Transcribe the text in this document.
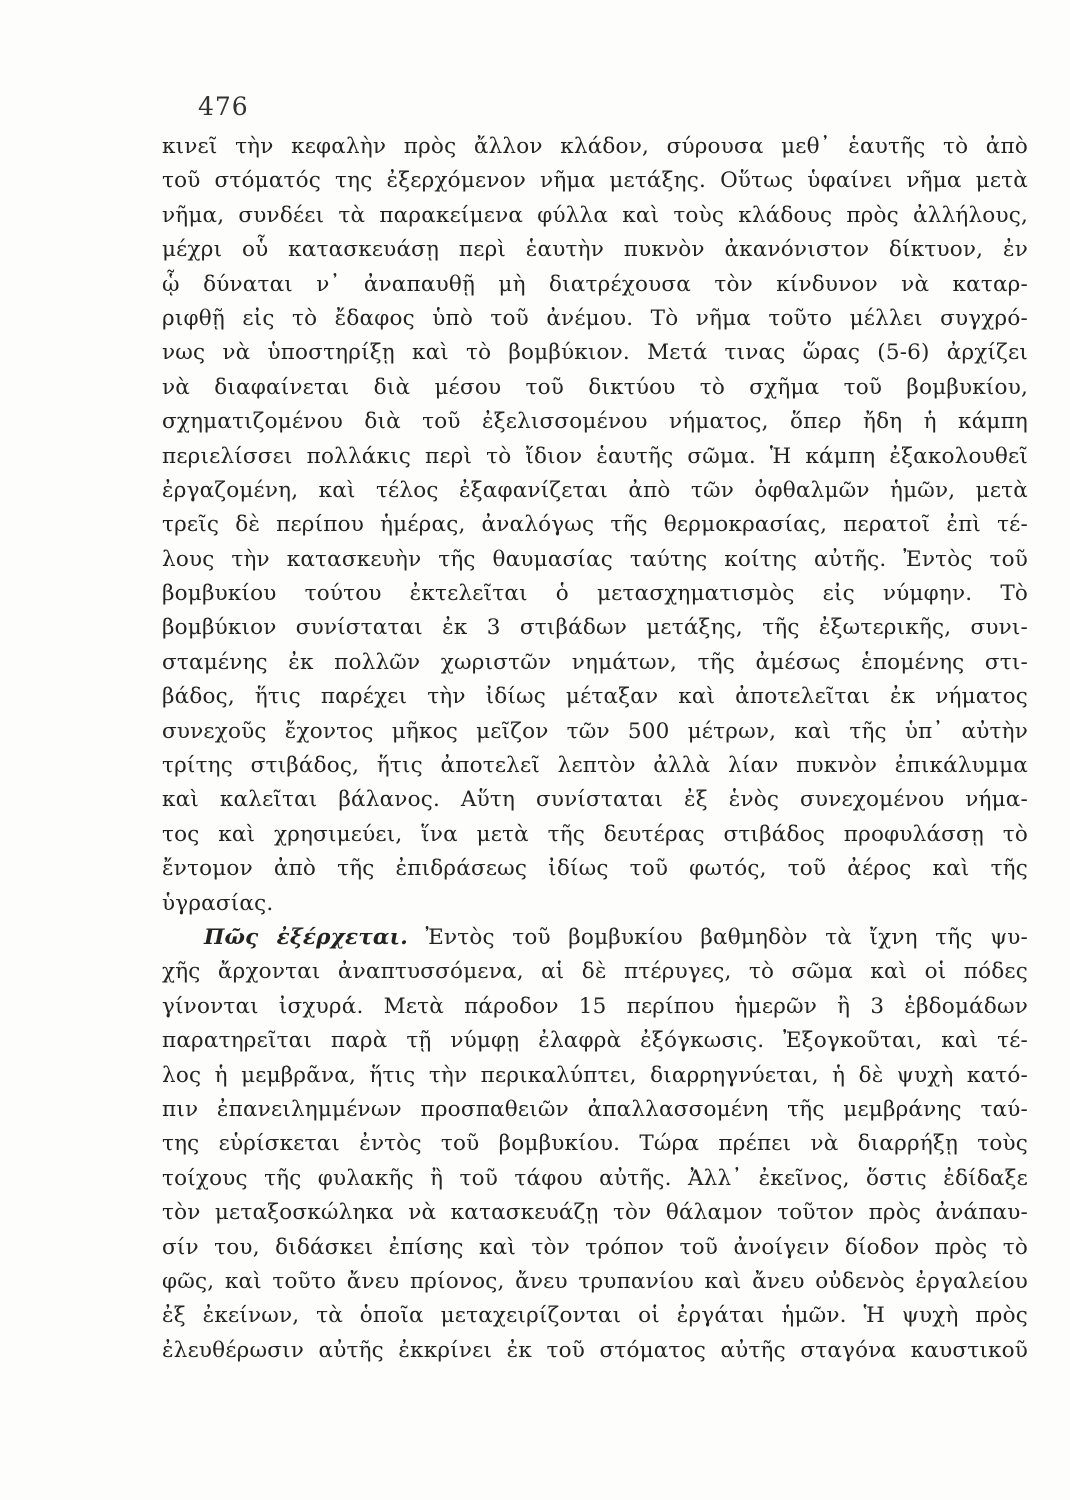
476
κινεῖ τὴν κεφαλὴν πρὸς ἄλλον κλάδον, σύρουσα μεθ᾽ ἑαυτῆς τὸ ἀπὸ
τοῦ στόματός της ἐξερχόμενον νῆμα μετάξης. Οὕτως ὑφαίνει νῆμα μετὰ
νῆμα, συνδέει τὰ παρακείμενα φύλλα καὶ τοὺς κλάδους πρὸς ἀλλήλους,
μέχρι οὗ κατασκευάσῃ περὶ ἑαυτὴν πυκνὸν ἀκανόνιστον δίκτυον, ἐν
ᾧ δύναται ν᾽ ἀναπαυθῇ μὴ διατρέχουσα τὸν κίνδυνον νὰ καταρ-
ριφθῇ εἰς τὸ ἔδαφος ὑπὸ τοῦ ἀνέμου. Τὸ νῆμα τοῦτο μέλλει συγχρό-
νως νὰ ὑποστηρίξῃ καὶ τὸ βομβύκιον. Μετά τινας ὥρας (5-6) ἀρχίζει
νὰ διαφαίνεται διὰ μέσου τοῦ δικτύου τὸ σχῆμα τοῦ βομβυκίου,
σχηματιζομένου διὰ τοῦ ἐξελισσομένου νήματος, ὅπερ ἤδη ἡ κάμπη
περιελίσσει πολλάκις περὶ τὸ ἴδιον ἑαυτῆς σῶμα. Ἡ κάμπη ἐξακολουθεῖ
ἐργαζομένη, καὶ τέλος ἐξαφανίζεται ἀπὸ τῶν ὀφθαλμῶν ἡμῶν, μετὰ
τρεῖς δὲ περίπου ἡμέρας, ἀναλόγως τῆς θερμοκρασίας, περατοῖ ἐπὶ τέ-
λους τὴν κατασκευὴν τῆς θαυμασίας ταύτης κοίτης αὐτῆς. Ἐντὸς τοῦ
βομβυκίου τούτου ἐκτελεῖται ὁ μετασχηματισμὸς εἰς νύμφην. Τὸ
βομβύκιον συνίσταται ἐκ 3 στιβάδων μετάξης, τῆς ἐξωτερικῆς, συνι-
σταμένης ἐκ πολλῶν χωριστῶν νημάτων, τῆς ἀμέσως ἑπομένης στι-
βάδος, ἥτις παρέχει τὴν ἰδίως μέταξαν καὶ ἀποτελεῖται ἐκ νήματος
συνεχοῦς ἔχοντος μῆκος μεῖζον τῶν 500 μέτρων, καὶ τῆς ὑπ᾽ αὐτὴν
τρίτης στιβάδος, ἥτις ἀποτελεῖ λεπτὸν ἀλλὰ λίαν πυκνὸν ἐπικάλυμμα
καὶ καλεῖται βάλανος. Αὕτη συνίσταται ἐξ ἑνὸς συνεχομένου νήμα-
τος καὶ χρησιμεύει, ἵνα μετὰ τῆς δευτέρας στιβάδος προφυλάσσῃ τὸ
ἔντομον ἀπὸ τῆς ἐπιδράσεως ἰδίως τοῦ φωτός, τοῦ ἀέρος καὶ τῆς
ὑγρασίας.
Πῶς ἐξέρχεται. Ἐντὸς τοῦ βομβυκίου βαθμηδὸν τὰ ἴχνη τῆς ψυ-
χῆς ἄρχονται ἀναπτυσσόμενα, αἱ δὲ πτέρυγες, τὸ σῶμα καὶ οἱ πόδες
γίνονται ἰσχυρά. Μετὰ πάροδον 15 περίπου ἡμερῶν ἢ 3 ἑβδομάδων
παρατηρεῖται παρὰ τῇ νύμφῃ ἐλαφρὰ ἐξόγκωσις. Ἐξογκοῦται, καὶ τέ-
λος ἡ μεμβρᾶνα, ἥτις τὴν περικαλύπτει, διαρρηγνύεται, ἡ δὲ ψυχὴ κατό-
πιν ἐπανειλημμένων προσπαθειῶν ἀπαλλασσομένη τῆς μεμβράνης ταύ-
της εὑρίσκεται ἐντὸς τοῦ βομβυκίου. Τώρα πρέπει νὰ διαρρήξῃ τοὺς
τοίχους τῆς φυλακῆς ἢ τοῦ τάφου αὐτῆς. Ἀλλ᾽ ἐκεῖνος, ὅστις ἐδίδαξε
τὸν μεταξοσκώληκα νὰ κατασκευάζῃ τὸν θάλαμον τοῦτον πρὸς ἀνάπαυ-
σίν του, διδάσκει ἐπίσης καὶ τὸν τρόπον τοῦ ἀνοίγειν δίοδον πρὸς τὸ
φῶς, καὶ τοῦτο ἄνευ πρίονος, ἄνευ τρυπανίου καὶ ἄνευ οὐδενὸς ἐργαλείου
ἐξ ἐκείνων, τὰ ὁποῖα μεταχειρίζονται οἱ ἐργάται ἡμῶν. Ἡ ψυχὴ πρὸς
ἐλευθέρωσιν αὐτῆς ἐκκρίνει ἐκ τοῦ στόματος αὐτῆς σταγόνα καυστικοῦ
